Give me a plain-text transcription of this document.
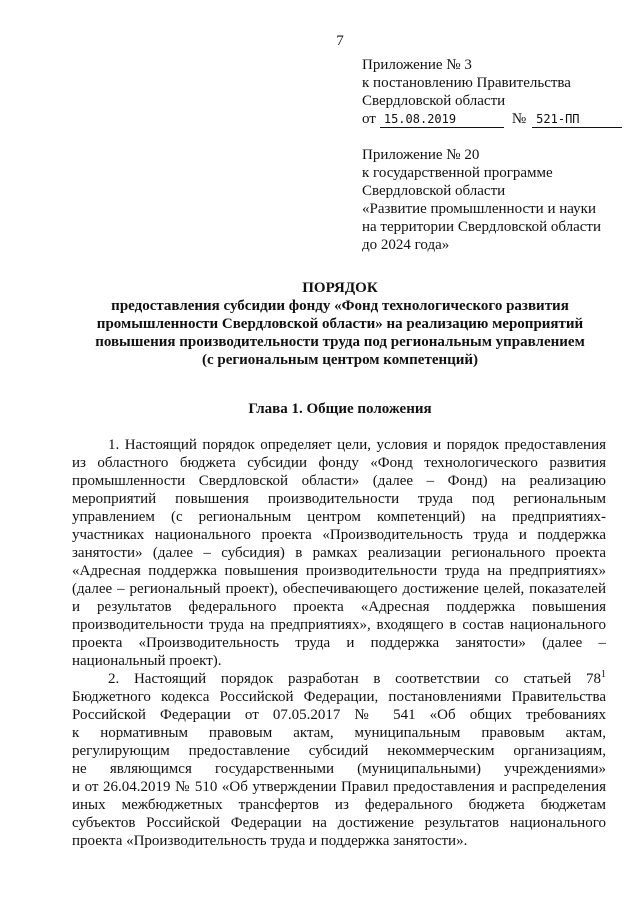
7
Приложение № 3
к постановлению Правительства
Свердловской области
от 15.08.2019	№ 521-ПП
Приложение № 20
к государственной программе
Свердловской области
«Развитие промышленности и науки
на территории Свердловской области
до 2024 года»
ПОРЯДОК
предоставления субсидии фонду «Фонд технологического развития
промышленности Свердловской области» на реализацию мероприятий
повышения производительности труда под региональным управлением
(с региональным центром компетенций)
Глава 1. Общие положения
1. Настоящий порядок определяет цели, условия и порядок предоставления
из областного бюджета субсидии фонду «Фонд технологического развития
промышленности Свердловской области» (далее – Фонд) на реализацию
мероприятий повышения производительности труда под региональным
управлением (с региональным центром компетенций) на предприятиях-
участниках национального проекта «Производительность труда и поддержка
занятости» (далее – субсидия) в рамках реализации регионального проекта
«Адресная поддержка повышения производительности труда на предприятиях»
(далее – региональный проект), обеспечивающего достижение целей, показателей
и результатов федерального проекта «Адресная поддержка повышения
производительности труда на предприятиях», входящего в состав национального
проекта «Производительность труда и поддержка занятости» (далее –
национальный проект).
2. Настоящий порядок разработан в соответствии со статьей $78^1$
Бюджетного кодекса Российской Федерации, постановлениями Правительства
Российской Федерации от 07.05.2017 № 541 «Об общих требованиях
к нормативным правовым актам, муниципальным правовым актам,
регулирующим предоставление субсидий некоммерческим организациям,
не являющимся государственными (муниципальными) учреждениями»
и от 26.04.2019 № 510 «Об утверждении Правил предоставления и распределения
иных межбюджетных трансфертов из федерального бюджета бюджетам
субъектов Российской Федерации на достижение результатов национального
проекта «Производительность труда и поддержка занятости».
